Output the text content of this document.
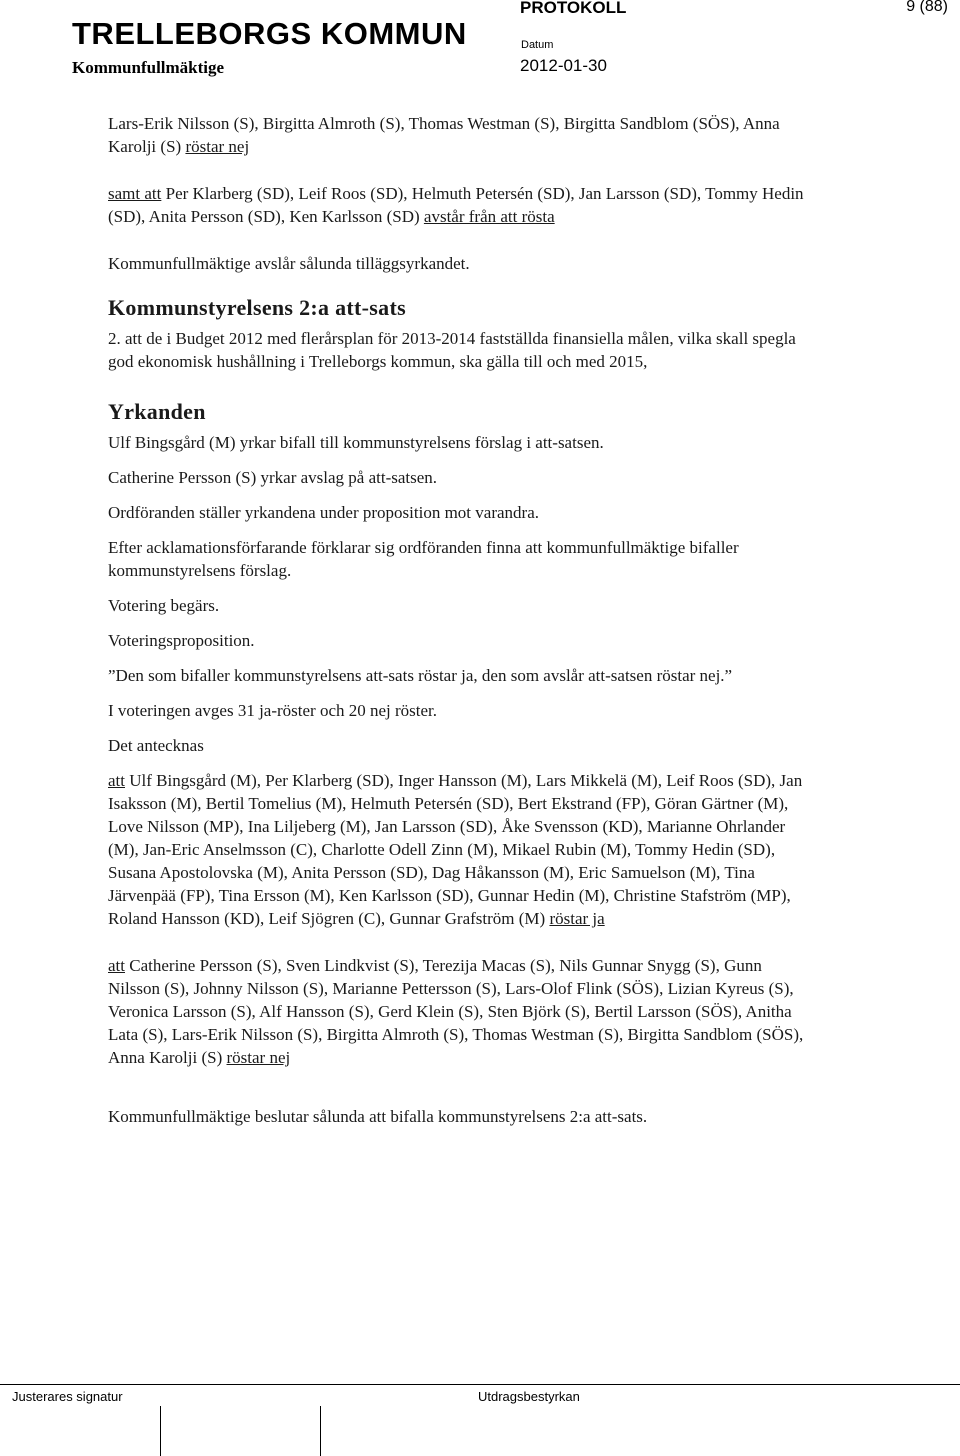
TRELLEBORGS KOMMUN
Kommunfullmäktige
PROTOKOLL	9 (88)
Datum
2012-01-30

Lars-Erik Nilsson (S), Birgitta Almroth (S), Thomas Westman (S), Birgitta Sandblom (SÖS), Anna Karolji (S) röstar nej

samt att Per Klarberg (SD), Leif Roos (SD), Helmuth Petersén (SD), Jan Larsson (SD), Tommy Hedin (SD), Anita Persson (SD), Ken Karlsson (SD) avstår från att rösta

Kommunfullmäktige avslår sålunda tilläggsyrkandet.

Kommunstyrelsens 2:a att-sats

2. att de i Budget 2012 med flerårsplan för 2013-2014 fastställda finansiella målen, vilka skall spegla god ekonomisk hushållning i Trelleborgs kommun, ska gälla till och med 2015,

Yrkanden

Ulf Bingsgård (M) yrkar bifall till kommunstyrelsens förslag i att-satsen.

Catherine Persson (S) yrkar avslag på att-satsen.

Ordföranden ställer yrkandena under proposition mot varandra.

Efter acklamationsförfarande förklarar sig ordföranden finna att kommunfullmäktige bifaller kommunstyrelsens förslag.

Votering begärs.

Voteringsproposition.

”Den som bifaller kommunstyrelsens att-sats röstar ja, den som avslår att-satsen röstar nej.”

I voteringen avges 31 ja-röster och 20 nej röster.

Det antecknas

att Ulf Bingsgård (M), Per Klarberg (SD), Inger Hansson (M), Lars Mikkelä (M), Leif Roos (SD), Jan Isaksson (M), Bertil Tomelius (M), Helmuth Petersén (SD), Bert Ekstrand (FP), Göran Gärtner (M), Love Nilsson (MP), Ina Liljeberg (M), Jan Larsson (SD), Åke Svensson (KD), Marianne Ohrlander (M), Jan-Eric Anselmsson (C), Charlotte Odell Zinn (M), Mikael Rubin (M), Tommy Hedin (SD), Susana Apostolovska (M), Anita Persson (SD), Dag Håkansson (M), Eric Samuelson (M), Tina Järvenpää (FP), Tina Ersson (M), Ken Karlsson (SD), Gunnar Hedin (M), Christine Stafström (MP), Roland Hansson (KD), Leif Sjögren (C), Gunnar Grafström (M) röstar ja

att Catherine Persson (S), Sven Lindkvist (S), Terezija Macas (S), Nils Gunnar Snygg (S), Gunn Nilsson (S), Johnny Nilsson (S), Marianne Pettersson (S), Lars-Olof Flink (SÖS), Lizian Kyreus (S), Veronica Larsson (S), Alf Hansson (S), Gerd Klein (S), Sten Björk (S), Bertil Larsson (SÖS), Anitha Lata (S), Lars-Erik Nilsson (S), Birgitta Almroth (S), Thomas Westman (S), Birgitta Sandblom (SÖS), Anna Karolji (S) röstar nej

Kommunfullmäktige beslutar sålunda att bifalla kommunstyrelsens 2:a att-sats.

Justerares signatur	Utdragsbestyrkan
